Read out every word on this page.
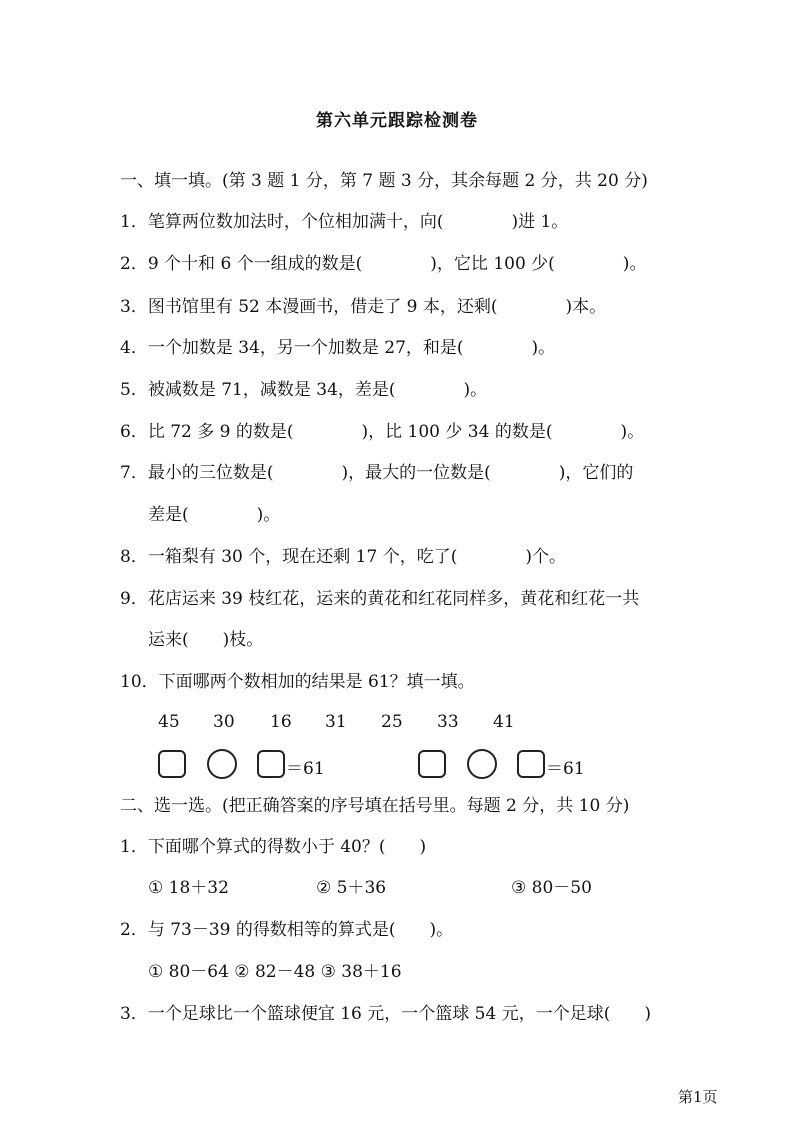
第六单元跟踪检测卷
一、填一填。(第 3 题 1 分，第 7 题 3 分，其余每题 2 分，共 20 分)
1．笔算两位数加法时，个位相加满十，向(　　　　)进 1。
2．9 个十和 6 个一组成的数是(　　　　)，它比 100 少(　　　　)。
3．图书馆里有 52 本漫画书，借走了 9 本，还剩(　　　　)本。
4．一个加数是 34，另一个加数是 27，和是(　　　　)。
5．被减数是 71，减数是 34，差是(　　　　)。
6．比 72 多 9 的数是(　　　　)，比 100 少 34 的数是(　　　　)。
7．最小的三位数是(　　　　)，最大的一位数是(　　　　)，它们的
差是(　　　　)。
8．一箱梨有 30 个，现在还剩 17 个，吃了(　　　　)个。
9．花店运来 39 枝红花，运来的黄花和红花同样多，黄花和红花一共
运来(　　)枝。
10．下面哪两个数相加的结果是 61？填一填。
45 30 16 31 25 33 41
＝61	＝61
二、选一选。(把正确答案的序号填在括号里。每题 2 分，共 10 分)
1．下面哪个算式的得数小于 40？(　　)
① 18＋32	② 5＋36	③ 80－50
2．与 73－39 的得数相等的算式是(　　)。
① 80－64 ② 82－48 ③ 38＋16
3．一个足球比一个篮球便宜 16 元，一个篮球 54 元，一个足球(　　)
第1页
